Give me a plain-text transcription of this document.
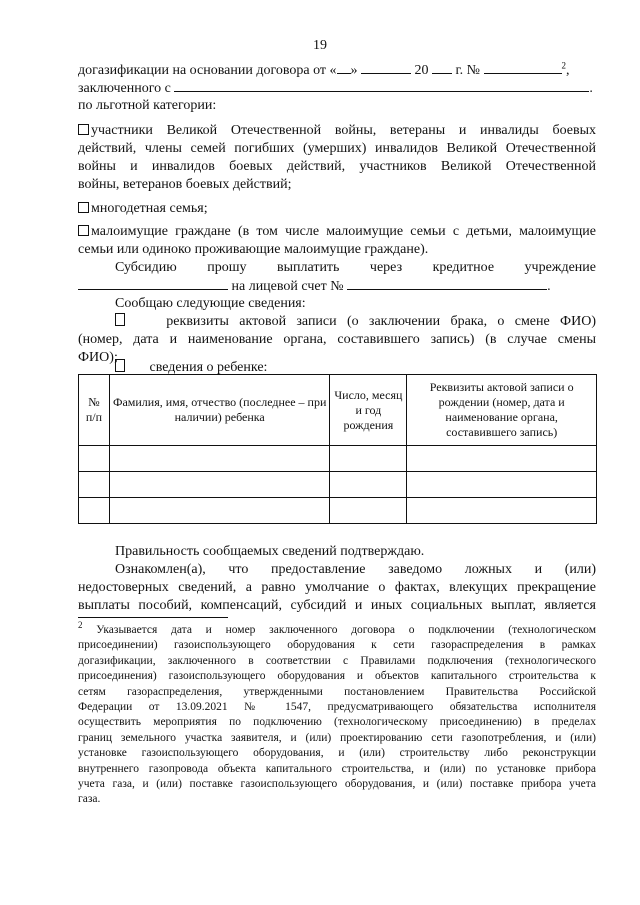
19
догазификации на основании договора от « »	20 г. №	$^2$,
заключенного с	.
по льготной категории:
участники Великой Отечественной войны, ветераны и инвалиды боевых
действий, члены семей погибших (умерших) инвалидов Великой Отечественной
войны и инвалидов боевых действий, участников Великой Отечественной
войны, ветеранов боевых действий;
многодетная семья;
малоимущие граждане (в том числе малоимущие семьи с детьми, малоимущие
семьи или одиноко проживающие малоимущие граждане).
Субсидию прошу выплатить через кредитное учреждение
на лицевой счет №	.
Сообщаю следующие сведения:
реквизиты актовой записи (о заключении брака, о смене ФИО)
(номер, дата и наименование органа, составившего запись) (в случае смены
ФИО);
сведения о ребенке:
№ п/п	Фамилия, имя, отчество (последнее – при наличии) ребенка	Число, месяц и год рождения	Реквизиты актовой записи о рождении (номер, дата и наименование органа, составившего запись)

Правильность сообщаемых сведений подтверждаю.
Ознакомлен(а), что предоставление заведомо ложных и (или)
недостоверных сведений, а равно умолчание о фактах, влекущих прекращение
выплаты пособий, компенсаций, субсидий и иных социальных выплат, является
$^2$ Указывается дата и номер заключенного договора о подключении (технологическом
присоединении) газоиспользующего оборудования к сети газораспределения в рамках
догазификации, заключенного в соответствии с Правилами подключения (технологического
присоединения) газоиспользующего оборудования и объектов капитального строительства к
сетям газораспределения, утвержденными постановлением Правительства Российской
Федерации от 13.09.2021 № 1547, предусматривающего обязательства исполнителя
осуществить мероприятия по подключению (технологическому присоединению) в пределах
границ земельного участка заявителя, и (или) проектированию сети газопотребления, и (или)
установке газоиспользующего оборудования, и (или) строительству либо реконструкции
внутреннего газопровода объекта капитального строительства, и (или) по установке прибора
учета газа, и (или) поставке газоиспользующего оборудования, и (или) поставке прибора учета
газа.
